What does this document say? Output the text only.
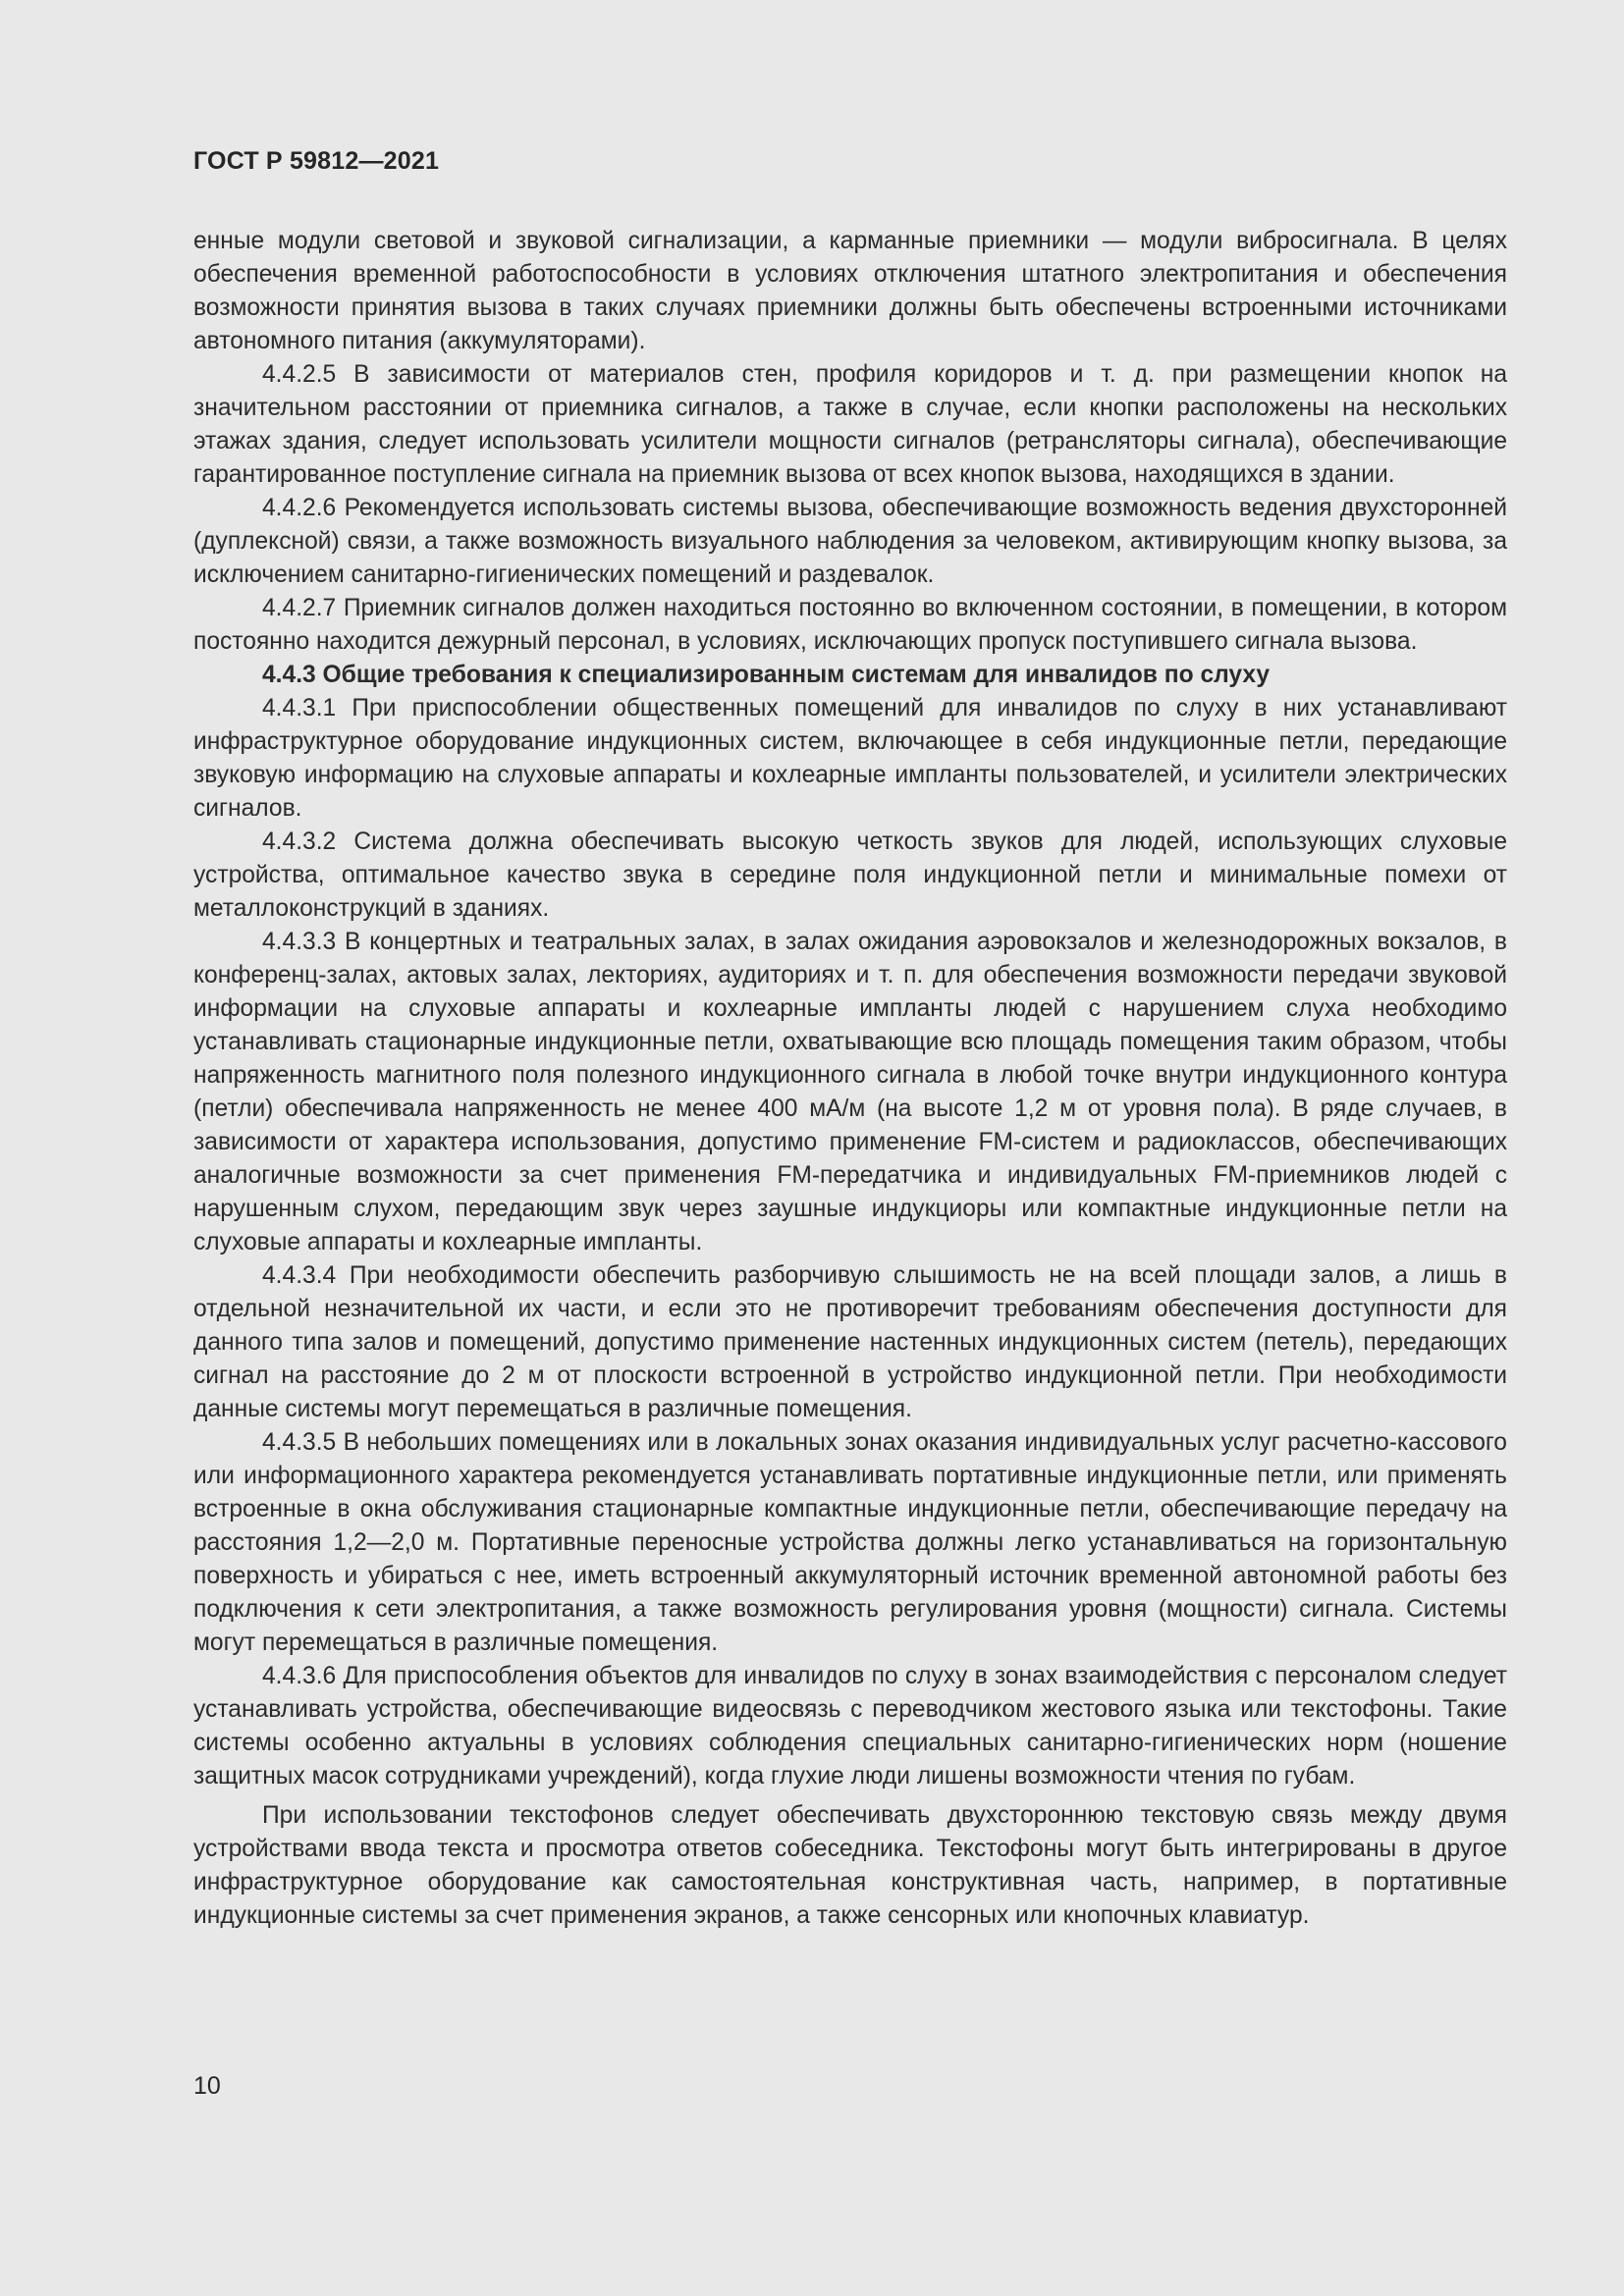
ГОСТ Р 59812—2021

енные модули световой и звуковой сигнализации, а карманные приемники — модули вибросигнала. В целях обеспечения временной работоспособности в условиях отключения штатного электропитания и обеспечения возможности принятия вызова в таких случаях приемники должны быть обеспечены встроенными источниками автономного питания (аккумуляторами).

4.4.2.5 В зависимости от материалов стен, профиля коридоров и т. д. при размещении кнопок на значительном расстоянии от приемника сигналов, а также в случае, если кнопки расположены на нескольких этажах здания, следует использовать усилители мощности сигналов (ретрансляторы сигнала), обеспечивающие гарантированное поступление сигнала на приемник вызова от всех кнопок вызова, находящихся в здании.

4.4.2.6 Рекомендуется использовать системы вызова, обеспечивающие возможность ведения двухсторонней (дуплексной) связи, а также возможность визуального наблюдения за человеком, активирующим кнопку вызова, за исключением санитарно-гигиенических помещений и раздевалок.

4.4.2.7 Приемник сигналов должен находиться постоянно во включенном состоянии, в помещении, в котором постоянно находится дежурный персонал, в условиях, исключающих пропуск поступившего сигнала вызова.

4.4.3 Общие требования к специализированным системам для инвалидов по слуху

4.4.3.1 При приспособлении общественных помещений для инвалидов по слуху в них устанавливают инфраструктурное оборудование индукционных систем, включающее в себя индукционные петли, передающие звуковую информацию на слуховые аппараты и кохлеарные импланты пользователей, и усилители электрических сигналов.

4.4.3.2 Система должна обеспечивать высокую четкость звуков для людей, использующих слуховые устройства, оптимальное качество звука в середине поля индукционной петли и минимальные помехи от металлоконструкций в зданиях.

4.4.3.3 В концертных и театральных залах, в залах ожидания аэровокзалов и железнодорожных вокзалов, в конференц-залах, актовых залах, лекториях, аудиториях и т. п. для обеспечения возможности передачи звуковой информации на слуховые аппараты и кохлеарные импланты людей с нарушением слуха необходимо устанавливать стационарные индукционные петли, охватывающие всю площадь помещения таким образом, чтобы напряженность магнитного поля полезного индукционного сигнала в любой точке внутри индукционного контура (петли) обеспечивала напряженность не менее 400 мА/м (на высоте 1,2 м от уровня пола). В ряде случаев, в зависимости от характера использования, допустимо применение FM-систем и радиоклассов, обеспечивающих аналогичные возможности за счет применения FM-передатчика и индивидуальных FM-приемников людей с нарушенным слухом, передающим звук через заушные индукциоры или компактные индукционные петли на слуховые аппараты и кохлеарные импланты.

4.4.3.4 При необходимости обеспечить разборчивую слышимость не на всей площади залов, а лишь в отдельной незначительной их части, и если это не противоречит требованиям обеспечения доступности для данного типа залов и помещений, допустимо применение настенных индукционных систем (петель), передающих сигнал на расстояние до 2 м от плоскости встроенной в устройство индукционной петли. При необходимости данные системы могут перемещаться в различные помещения.

4.4.3.5 В небольших помещениях или в локальных зонах оказания индивидуальных услуг расчетно-кассового или информационного характера рекомендуется устанавливать портативные индукционные петли, или применять встроенные в окна обслуживания стационарные компактные индукционные петли, обеспечивающие передачу на расстояния 1,2—2,0 м. Портативные переносные устройства должны легко устанавливаться на горизонтальную поверхность и убираться с нее, иметь встроенный аккумуляторный источник временной автономной работы без подключения к сети электропитания, а также возможность регулирования уровня (мощности) сигнала. Системы могут перемещаться в различные помещения.

4.4.3.6 Для приспособления объектов для инвалидов по слуху в зонах взаимодействия с персоналом следует устанавливать устройства, обеспечивающие видеосвязь с переводчиком жестового языка или текстофоны. Такие системы особенно актуальны в условиях соблюдения специальных санитарно-гигиенических норм (ношение защитных масок сотрудниками учреждений), когда глухие люди лишены возможности чтения по губам.

При использовании текстофонов следует обеспечивать двухстороннюю текстовую связь между двумя устройствами ввода текста и просмотра ответов собеседника. Текстофоны могут быть интегрированы в другое инфраструктурное оборудование как самостоятельная конструктивная часть, например, в портативные индукционные системы за счет применения экранов, а также сенсорных или кнопочных клавиатур.

10
